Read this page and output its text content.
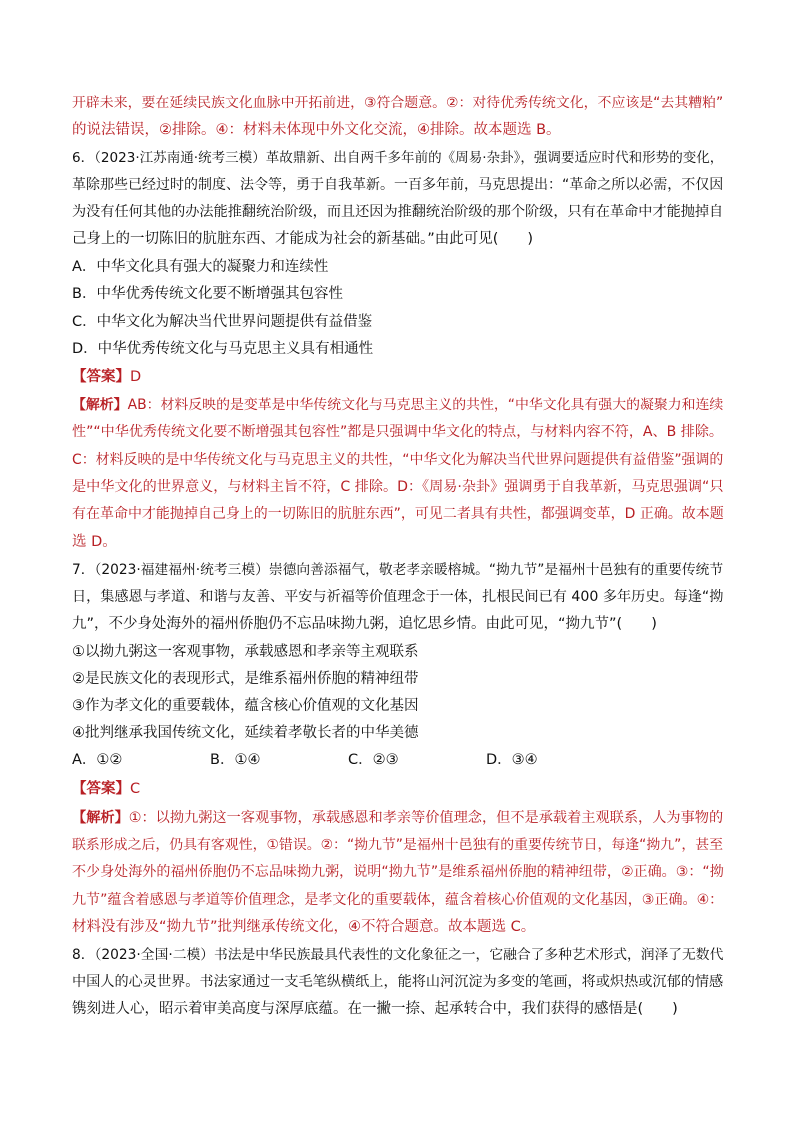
开辟未来，要在延续民族文化血脉中开拓前进，③符合题意。②：对待优秀传统文化，不应该是“去其糟粕”
的说法错误，②排除。④：材料未体现中外文化交流，④排除。故本题选 B。
6．（2023·江苏南通·统考三模）革故鼎新、出自两千多年前的《周易·杂卦》，强调要适应时代和形势的变化，
革除那些已经过时的制度、法令等，勇于自我革新。一百多年前，马克思提出：“革命之所以必需，不仅因
为没有任何其他的办法能推翻统治阶级，而且还因为推翻统治阶级的那个阶级，只有在革命中才能抛掉自
己身上的一切陈旧的肮脏东西、才能成为社会的新基础。”由此可见(　　)
A．中华文化具有强大的凝聚力和连续性
B．中华优秀传统文化要不断增强其包容性
C．中华文化为解决当代世界问题提供有益借鉴
D．中华优秀传统文化与马克思主义具有相通性
【答案】D
【解析】AB：材料反映的是变革是中华传统文化与马克思主义的共性，“中华文化具有强大的凝聚力和连续
性”“中华优秀传统文化要不断增强其包容性”都是只强调中华文化的特点，与材料内容不符，A、B 排除。
C：材料反映的是中华传统文化与马克思主义的共性，“中华文化为解决当代世界问题提供有益借鉴”强调的
是中华文化的世界意义，与材料主旨不符，C 排除。D：《周易·杂卦》强调勇于自我革新，马克思强调“只
有在革命中才能抛掉自己身上的一切陈旧的肮脏东西”，可见二者具有共性，都强调变革，D 正确。故本题
选 D。
7．（2023·福建福州·统考三模）崇德向善添福气，敬老孝亲暖榕城。“拗九节”是福州十邑独有的重要传统节
日，集感恩与孝道、和谐与友善、平安与祈福等价值理念于一体，扎根民间已有 400 多年历史。每逢“拗
九”，不少身处海外的福州侨胞仍不忘品味拗九粥，追忆思乡情。由此可见，“拗九节”(　　)
①以拗九粥这一客观事物，承载感恩和孝亲等主观联系
②是民族文化的表现形式，是维系福州侨胞的精神纽带
③作为孝文化的重要载体，蕴含核心价值观的文化基因
④批判继承我国传统文化，延续着孝敬长者的中华美德
A．①②	B．①④	C．②③	D．③④
【答案】C
【解析】①：以拗九粥这一客观事物，承载感恩和孝亲等价值理念，但不是承载着主观联系，人为事物的
联系形成之后，仍具有客观性，①错误。②：“拗九节”是福州十邑独有的重要传统节日，每逢“拗九”，甚至
不少身处海外的福州侨胞仍不忘品味拗九粥，说明“拗九节”是维系福州侨胞的精神纽带，②正确。③：“拗
九节”蕴含着感恩与孝道等价值理念，是孝文化的重要载体，蕴含着核心价值观的文化基因，③正确。④：
材料没有涉及“拗九节”批判继承传统文化，④不符合题意。故本题选 C。
8．（2023·全国·二模）书法是中华民族最具代表性的文化象征之一，它融合了多种艺术形式，润泽了无数代
中国人的心灵世界。书法家通过一支毛笔纵横纸上，能将山河沉淀为多变的笔画，将或炽热或沉郁的情感
镌刻进人心，昭示着审美高度与深厚底蕴。在一撇一捺、起承转合中，我们获得的感悟是(　　)
